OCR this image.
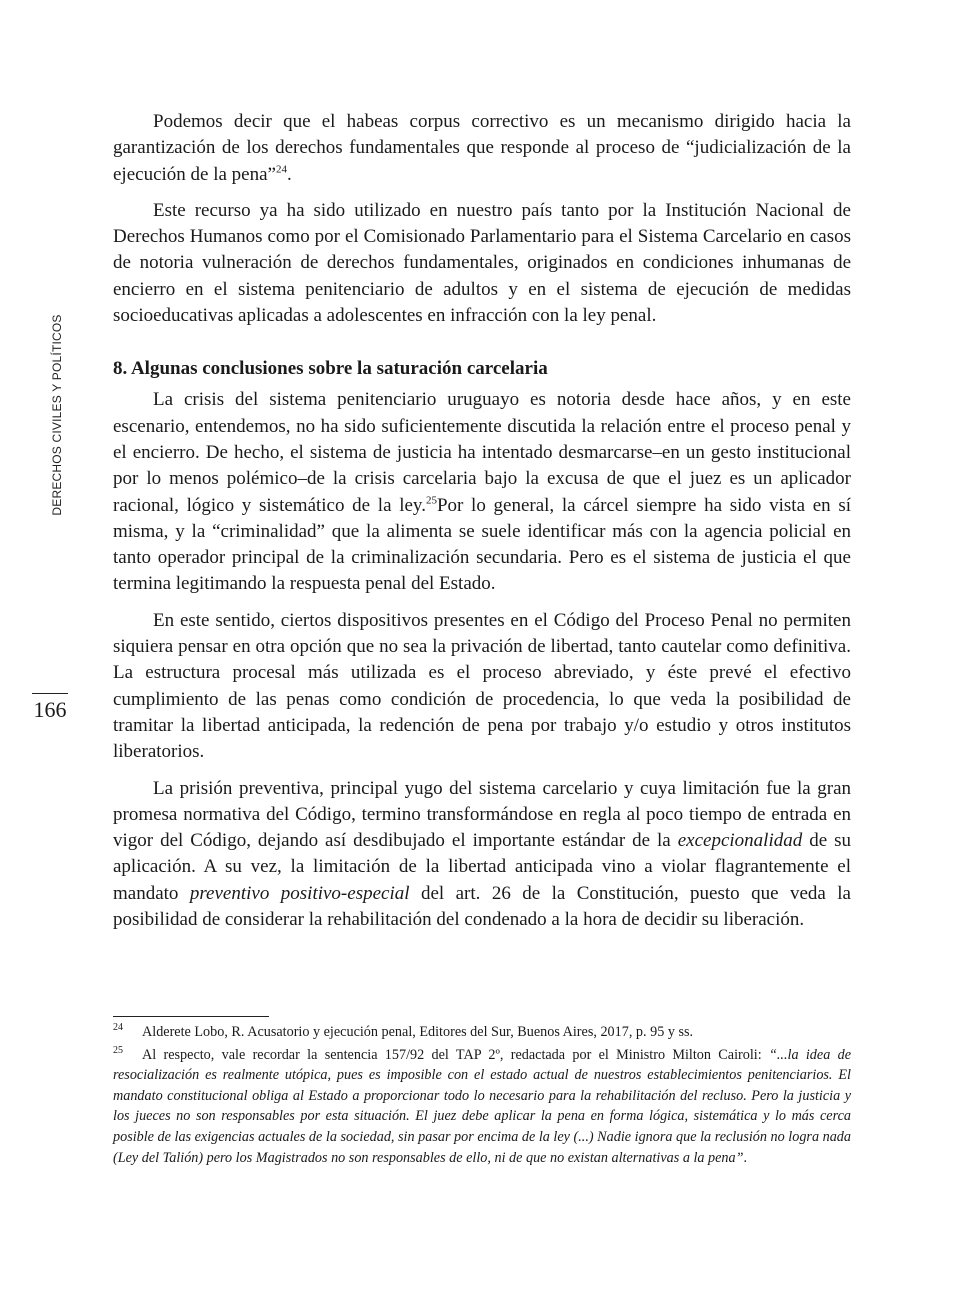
DERECHOS CIVILES Y POLÍTICOS
166

Podemos decir que el habeas corpus correctivo es un mecanismo dirigido hacia la garantización de los derechos fundamentales que responde al proceso de “judicialización de la ejecución de la pena”$^{24}$.

Este recurso ya ha sido utilizado en nuestro país tanto por la Institución Nacional de Derechos Humanos como por el Comisionado Parlamentario para el Sistema Carcelario en casos de notoria vulneración de derechos fundamentales, originados en condiciones inhumanas de encierro en el sistema penitenciario de adultos y en el sistema de ejecución de medidas socioeducativas aplicadas a adolescentes en infracción con la ley penal.

8. Algunas conclusiones sobre la saturación carcelaria

La crisis del sistema penitenciario uruguayo es notoria desde hace años, y en este escenario, entendemos, no ha sido suficientemente discutida la relación entre el proceso penal y el encierro. De hecho, el sistema de justicia ha intentado desmarcarse–en un gesto institucional por lo menos polémico–de la crisis carcelaria bajo la excusa de que el juez es un aplicador racional, lógico y sistemático de la ley.$^{25}$Por lo general, la cárcel siempre ha sido vista en sí misma, y la “criminalidad” que la alimenta se suele identificar más con la agencia policial en tanto operador principal de la criminalización secundaria. Pero es el sistema de justicia el que termina legitimando la respuesta penal del Estado.

En este sentido, ciertos dispositivos presentes en el Código del Proceso Penal no permiten siquiera pensar en otra opción que no sea la privación de libertad, tanto cautelar como definitiva. La estructura procesal más utilizada es el proceso abreviado, y éste prevé el efectivo cumplimiento de las penas como condición de procedencia, lo que veda la posibilidad de tramitar la libertad anticipada, la redención de pena por trabajo y/o estudio y otros institutos liberatorios.

La prisión preventiva, principal yugo del sistema carcelario y cuya limitación fue la gran promesa normativa del Código, termino transformándose en regla al poco tiempo de entrada en vigor del Código, dejando así desdibujado el importante estándar de la excepcionalidad de su aplicación. A su vez, la limitación de la libertad anticipada vino a violar flagrantemente el mandato preventivo positivo-especial del art. 26 de la Constitución, puesto que veda la posibilidad de considerar la rehabilitación del condenado a la hora de decidir su liberación.

24 Alderete Lobo, R. Acusatorio y ejecución penal, Editores del Sur, Buenos Aires, 2017, p. 95 y ss.

25 Al respecto, vale recordar la sentencia 157/92 del TAP 2º, redactada por el Ministro Milton Cairoli: “...la idea de resocialización es realmente utópica, pues es imposible con el estado actual de nuestros establecimientos penitenciarios. El mandato constitucional obliga al Estado a proporcionar todo lo necesario para la rehabilitación del recluso. Pero la justicia y los jueces no son responsables por esta situación. El juez debe aplicar la pena en forma lógica, sistemática y lo más cerca posible de las exigencias actuales de la sociedad, sin pasar por encima de la ley (...) Nadie ignora que la reclusión no logra nada (Ley del Talión) pero los Magistrados no son responsables de ello, ni de que no existan alternativas a la pena”.
